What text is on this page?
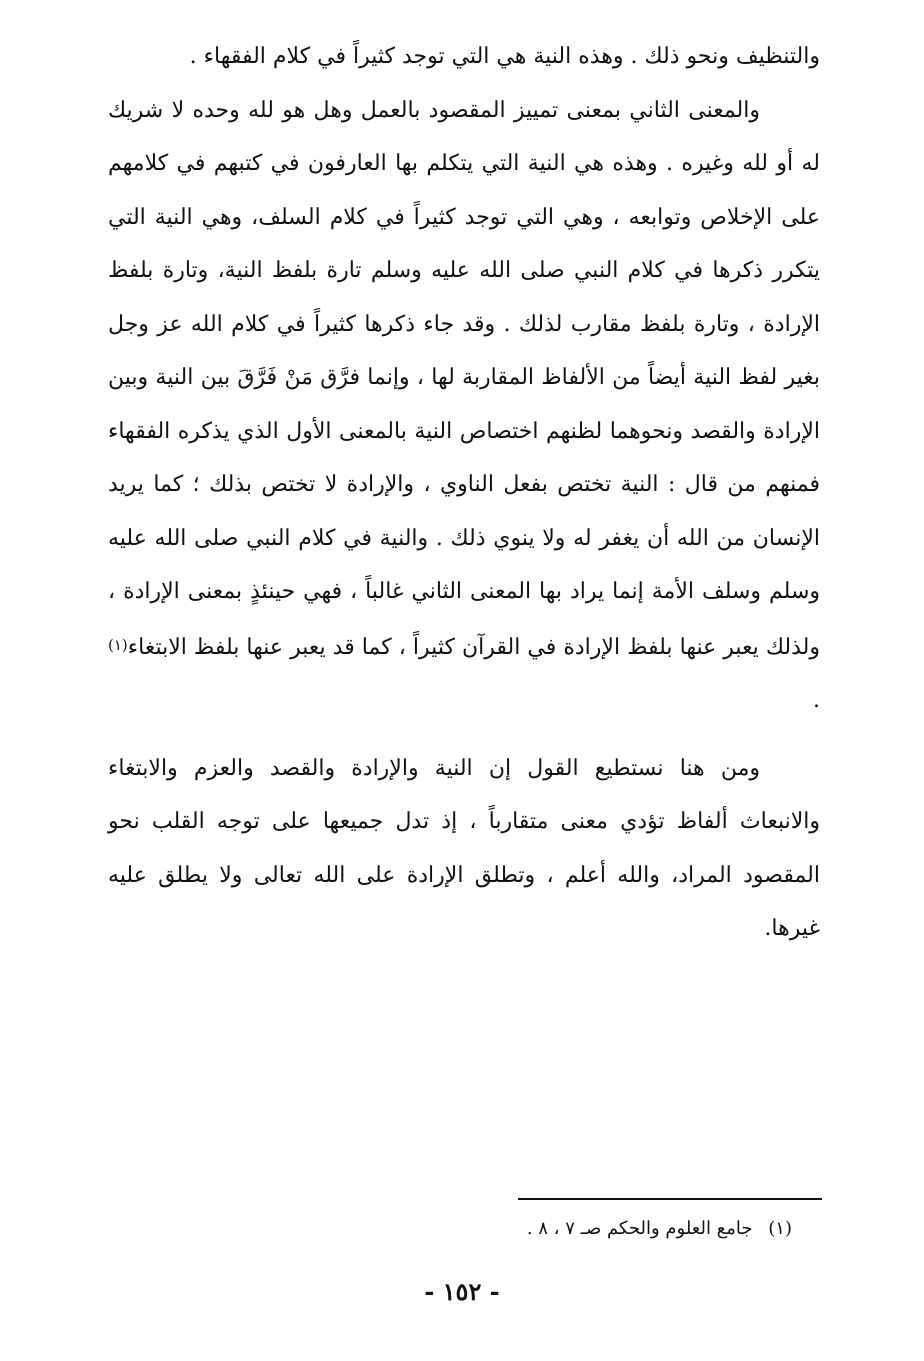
والتنظيف ونحو ذلك . وهذه النية هي التي توجد كثيراً في كلام الفقهاء .

والمعنى الثاني بمعنى تمييز المقصود بالعمل وهل هو لله وحده لا شريك له أو لله وغيره . وهذه هي النية التي يتكلم بها العارفون في كتبهم في كلامهم على الإخلاص وتوابعه ، وهي التي توجد كثيراً في كلام السلف، وهي النية التي يتكرر ذكرها في كلام النبي صلى الله عليه وسلم تارة بلفظ النية، وتارة بلفظ الإرادة ، وتارة بلفظ مقارب لذلك . وقد جاء ذكرها كثيراً في كلام الله عز وجل بغير لفظ النية أيضاً من الألفاظ المقاربة لها ، وإنما فرَّق مَنْ فَرَّقَ بين النية وبين الإرادة والقصد ونحوهما لظنهم اختصاص النية بالمعنى الأول الذي يذكره الفقهاء فمنهم من قال : النية تختص بفعل الناوي ، والإرادة لا تختص بذلك ؛ كما يريد الإنسان من الله أن يغفر له ولا ينوي ذلك . والنية في كلام النبي صلى الله عليه وسلم وسلف الأمة إنما يراد بها المعنى الثاني غالباً ، فهي حينئذٍ بمعنى الإرادة ، ولذلك يعبر عنها بلفظ الإرادة في القرآن كثيراً ، كما قد يعبر عنها بلفظ الابتغاء(١) .

ومن هنا نستطيع القول إن النية والإرادة والقصد والعزم والابتغاء والانبعاث ألفاظ تؤدي معنى متقارباً ، إذ تدل جميعها على توجه القلب نحو المقصود المراد، والله أعلم ، وتطلق الإرادة على الله تعالى ولا يطلق عليه غيرها.

(١) جامع العلوم والحكم صـ ٧ ، ٨ .
- ١٥٢ -
